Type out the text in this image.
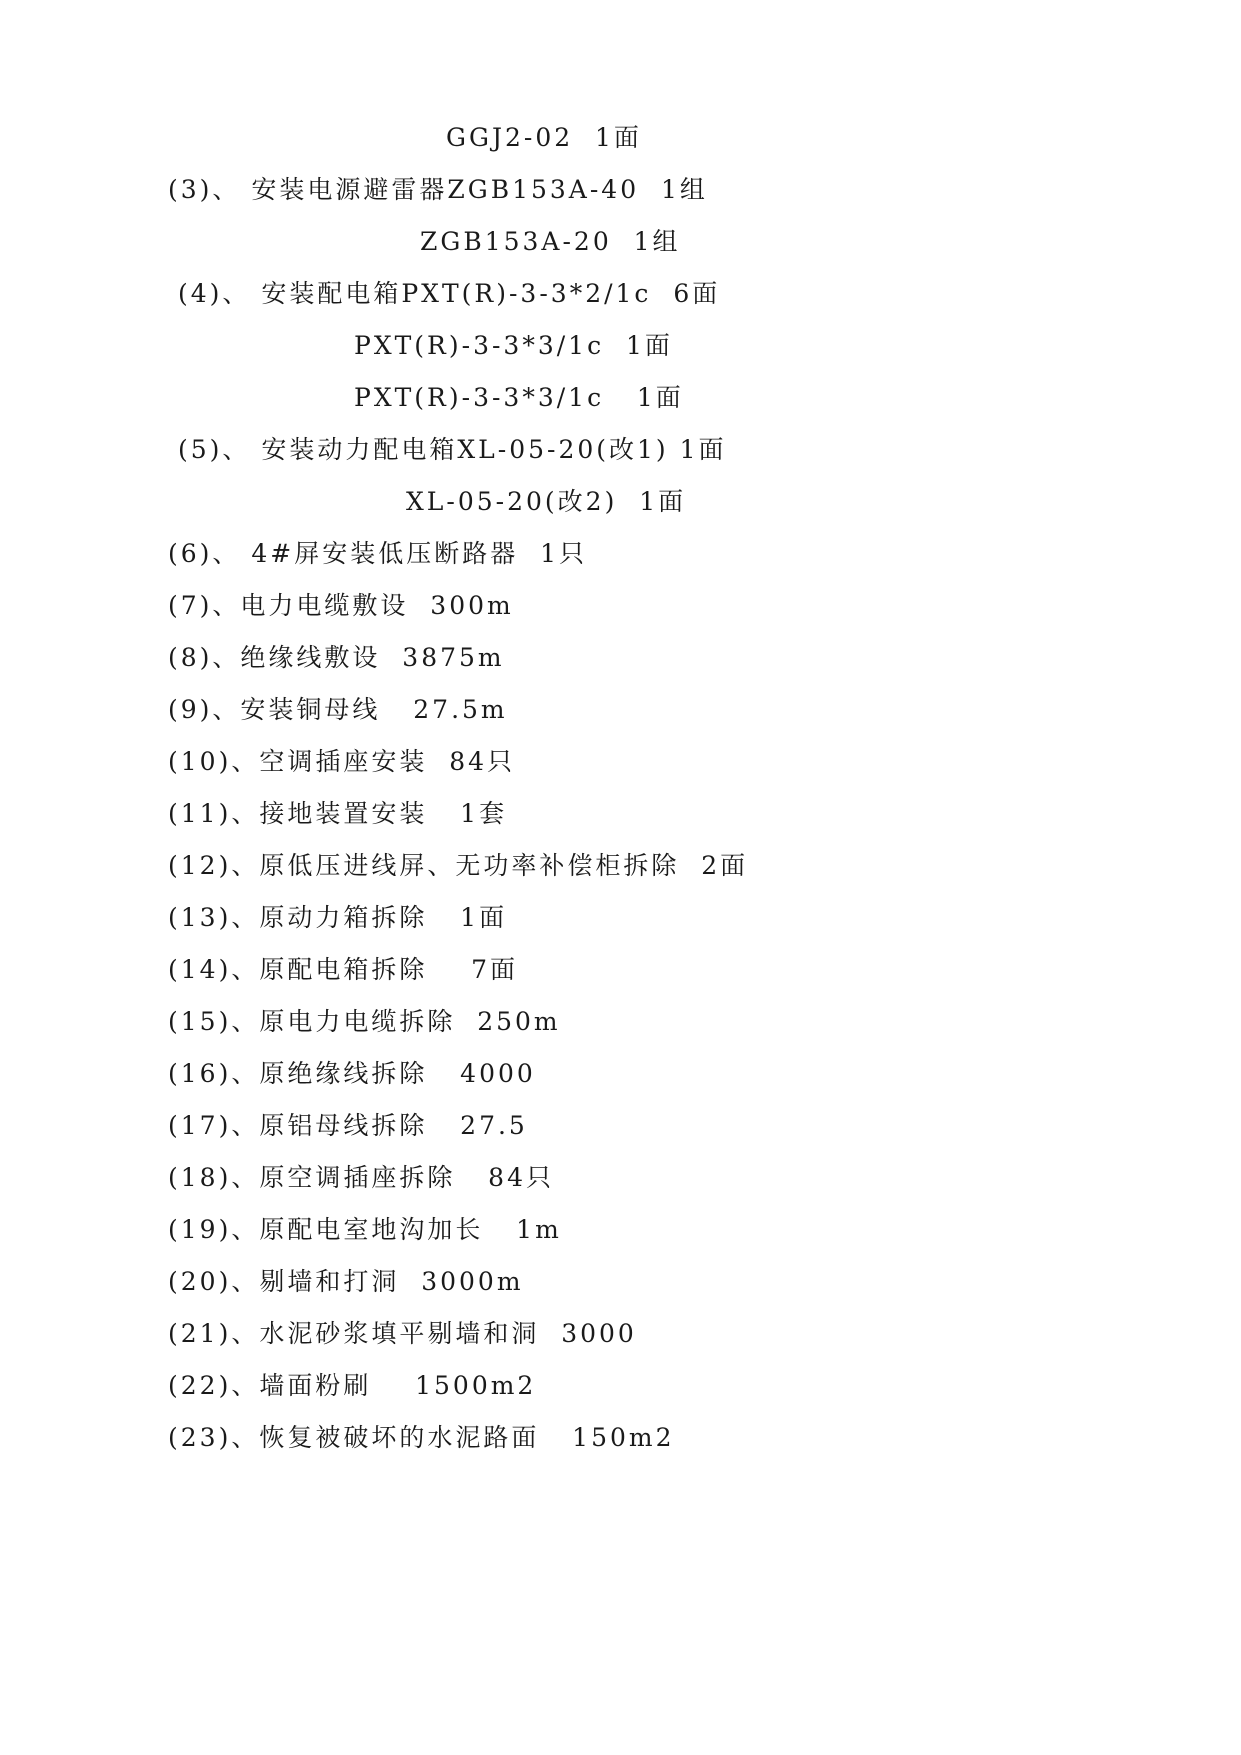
GGJ2-02  1面
(3)、 安装电源避雷器ZGB153A-40  1组
ZGB153A-20  1组
(4)、 安装配电箱PXT(R)-3-3*2/1c  6面
PXT(R)-3-3*3/1c  1面
PXT(R)-3-3*3/1c   1面
(5)、 安装动力配电箱XL-05-20(改1) 1面
XL-05-20(改2)  1面
(6)、 4#屏安装低压断路器  1只
(7)、电力电缆敷设  300m
(8)、绝缘线敷设  3875m
(9)、安装铜母线   27.5m
(10)、空调插座安装  84只
(11)、接地装置安装   1套
(12)、原低压进线屏、无功率补偿柜拆除  2面
(13)、原动力箱拆除   1面
(14)、原配电箱拆除    7面
(15)、原电力电缆拆除  250m
(16)、原绝缘线拆除   4000
(17)、原铝母线拆除   27.5
(18)、原空调插座拆除   84只
(19)、原配电室地沟加长   1m
(20)、剔墙和打洞  3000m
(21)、水泥砂浆填平剔墙和洞  3000
(22)、墙面粉刷    1500m2
(23)、恢复被破坏的水泥路面   150m2
